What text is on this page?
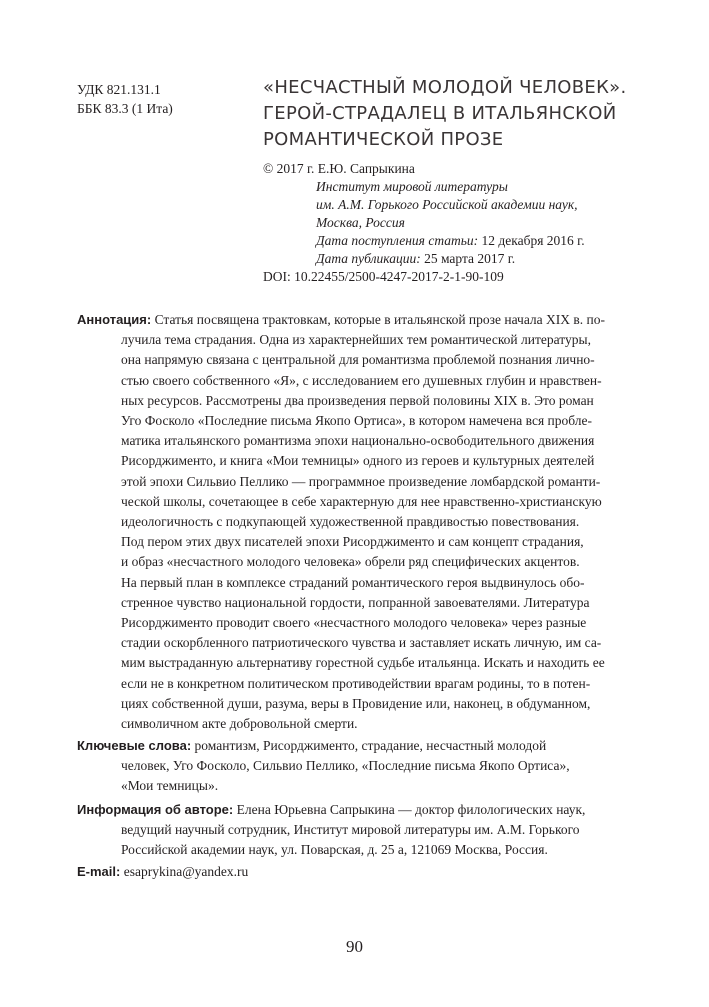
УДК 821.131.1
ББК 83.3 (1 Ита)
«НЕСЧАСТНЫЙ МОЛОДОЙ ЧЕЛОВЕК».
ГЕРОЙ-СТРАДАЛЕЦ В ИТАЛЬЯНСКОЙ
РОМАНТИЧЕСКОЙ ПРОЗЕ
© 2017 г. Е.Ю. Сапрыкина
Институт мировой литературы
им. А.М. Горького Российской академии наук,
Москва, Россия
Дата поступления статьи: 12 декабря 2016 г.
Дата публикации: 25 марта 2017 г.
DOI: 10.22455/2500-4247-2017-2-1-90-109
Аннотация: Статья посвящена трактовкам, которые в итальянской прозе начала XIX в. по-
лучила тема страдания. Одна из характернейших тем романтической литературы,
она напрямую связана с центральной для романтизма проблемой познания лично-
стью своего собственного «Я», с исследованием его душевных глубин и нравствен-
ных ресурсов. Рассмотрены два произведения первой половины XIX в. Это роман
Уго Фосколо «Последние письма Якопо Ортиса», в котором намечена вся пробле-
матика итальянского романтизма эпохи национально-освободительного движения
Рисорджименто, и книга «Мои темницы» одного из героев и культурных деятелей
этой эпохи Сильвио Пеллико — программное произведение ломбардской романти-
ческой школы, сочетающее в себе характерную для нее нравственно-христианскую
идеологичность с подкупающей художественной правдивостью повествования.
Под пером этих двух писателей эпохи Рисорджименто и сам концепт страдания,
и образ «несчастного молодого человека» обрели ряд специфических акцентов.
На первый план в комплексе страданий романтического героя выдвинулось обо-
стренное чувство национальной гордости, попранной завоевателями. Литература
Рисорджименто проводит своего «несчастного молодого человека» через разные
стадии оскорбленного патриотического чувства и заставляет искать личную, им са-
мим выстраданную альтернативу горестной судьбе итальянца. Искать и находить ее
если не в конкретном политическом противодействии врагам родины, то в потен-
циях собственной души, разума, веры в Провидение или, наконец, в обдуманном,
символичном акте добровольной смерти.
Ключевые слова: романтизм, Рисорджименто, страдание, несчастный молодой
человек, Уго Фосколо, Сильвио Пеллико, «Последние письма Якопо Ортиса»,
«Мои темницы».
Информация об авторе: Елена Юрьевна Сапрыкина — доктор филологических наук,
ведущий научный сотрудник, Институт мировой литературы им. А.М. Горького
Российской академии наук, ул. Поварская, д. 25 а, 121069 Москва, Россия.
E-mail: esaprykina@yandex.ru
90
